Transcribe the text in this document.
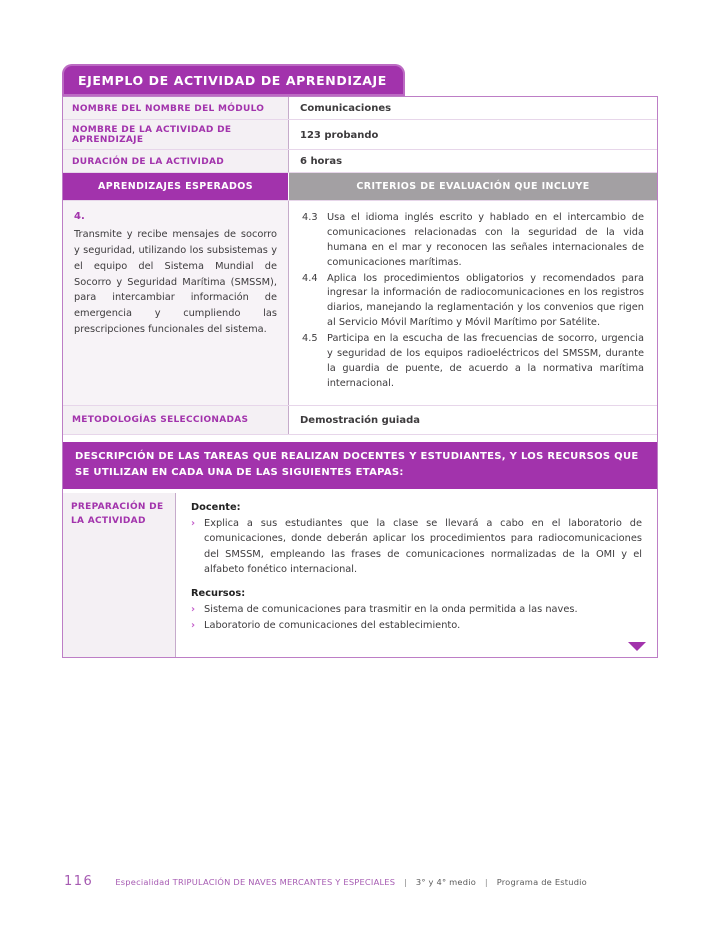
EJEMPLO DE ACTIVIDAD DE APRENDIZAJE
NOMBRE DEL NOMBRE DEL MÓDULO	Comunicaciones
NOMBRE DE LA ACTIVIDAD DE APRENDIZAJE	123 probando
DURACIÓN DE LA ACTIVIDAD	6 horas
APRENDIZAJES ESPERADOS	CRITERIOS DE EVALUACIÓN QUE INCLUYE
4.

Transmite y recibe mensajes de socorro y seguridad, utilizando los subsistemas y el equipo del Sistema Mundial de Socorro y Seguridad Marítima (SMSSM), para intercambiar información de emergencia y cumpliendo las prescripciones funcionales del sistema.

4.3 Usa el idioma inglés escrito y hablado en el intercambio de comunicaciones relacionadas con la seguridad de la vida humana en el mar y reconocen las señales internacionales de comunicaciones marítimas.
4.4 Aplica los procedimientos obligatorios y recomendados para ingresar la información de radiocomunicaciones en los registros diarios, manejando la reglamentación y los convenios que rigen al Servicio Móvil Marítimo y Móvil Marítimo por Satélite.
4.5 Participa en la escucha de las frecuencias de socorro, urgencia y seguridad de los equipos radioeléctricos del SMSSM, durante la guardia de puente, de acuerdo a la normativa marítima internacional.
METODOLOGÍAS SELECCIONADAS	Demostración guiada
DESCRIPCIÓN DE LAS TAREAS QUE REALIZAN DOCENTES Y ESTUDIANTES, Y LOS RECURSOS QUE SE UTILIZAN EN CADA UNA DE LAS SIGUIENTES ETAPAS:
PREPARACIÓN DE LA ACTIVIDAD
Docente:
› Explica a sus estudiantes que la clase se llevará a cabo en el laboratorio de comunicaciones, donde deberán aplicar los procedimientos para radiocomunicaciones del SMSSM, empleando las frases de comunicaciones normalizadas de la OMI y el alfabeto fonético internacional.
Recursos:
› Sistema de comunicaciones para trasmitir en la onda permitida a las naves.
› Laboratorio de comunicaciones del establecimiento.
116	Especialidad TRIPULACIÓN DE NAVES MERCANTES Y ESPECIALES | 3° y 4° medio | Programa de Estudio
